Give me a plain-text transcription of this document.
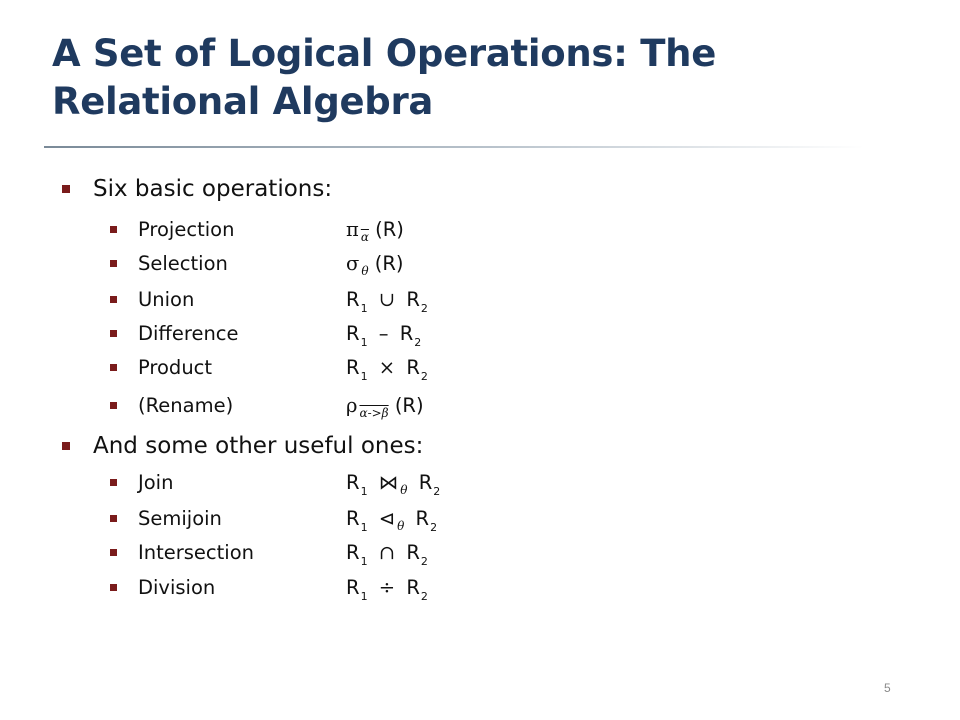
A Set of Logical Operations: The Relational Algebra
Six basic operations:
Projection	π $_{\overline{\alpha}}$ (R)
Selection	σ $_\theta$ (R)
Union	$R_1$ ∪ $R_2$
Difference	$R_1 - R_2$
Product	$R_1 \times R_2$
(Rename)	ρ $_{\alpha->\beta}$ (R)
And some other useful ones:
Join	$R_1$ ⋈ $_\theta$ $R_2$
Semijoin	$R_1$ ⊲ $_\theta$ $R_2$
Intersection	$R_1$ ∩ $R_2$
Division	$R_1 \div R_2$
5
